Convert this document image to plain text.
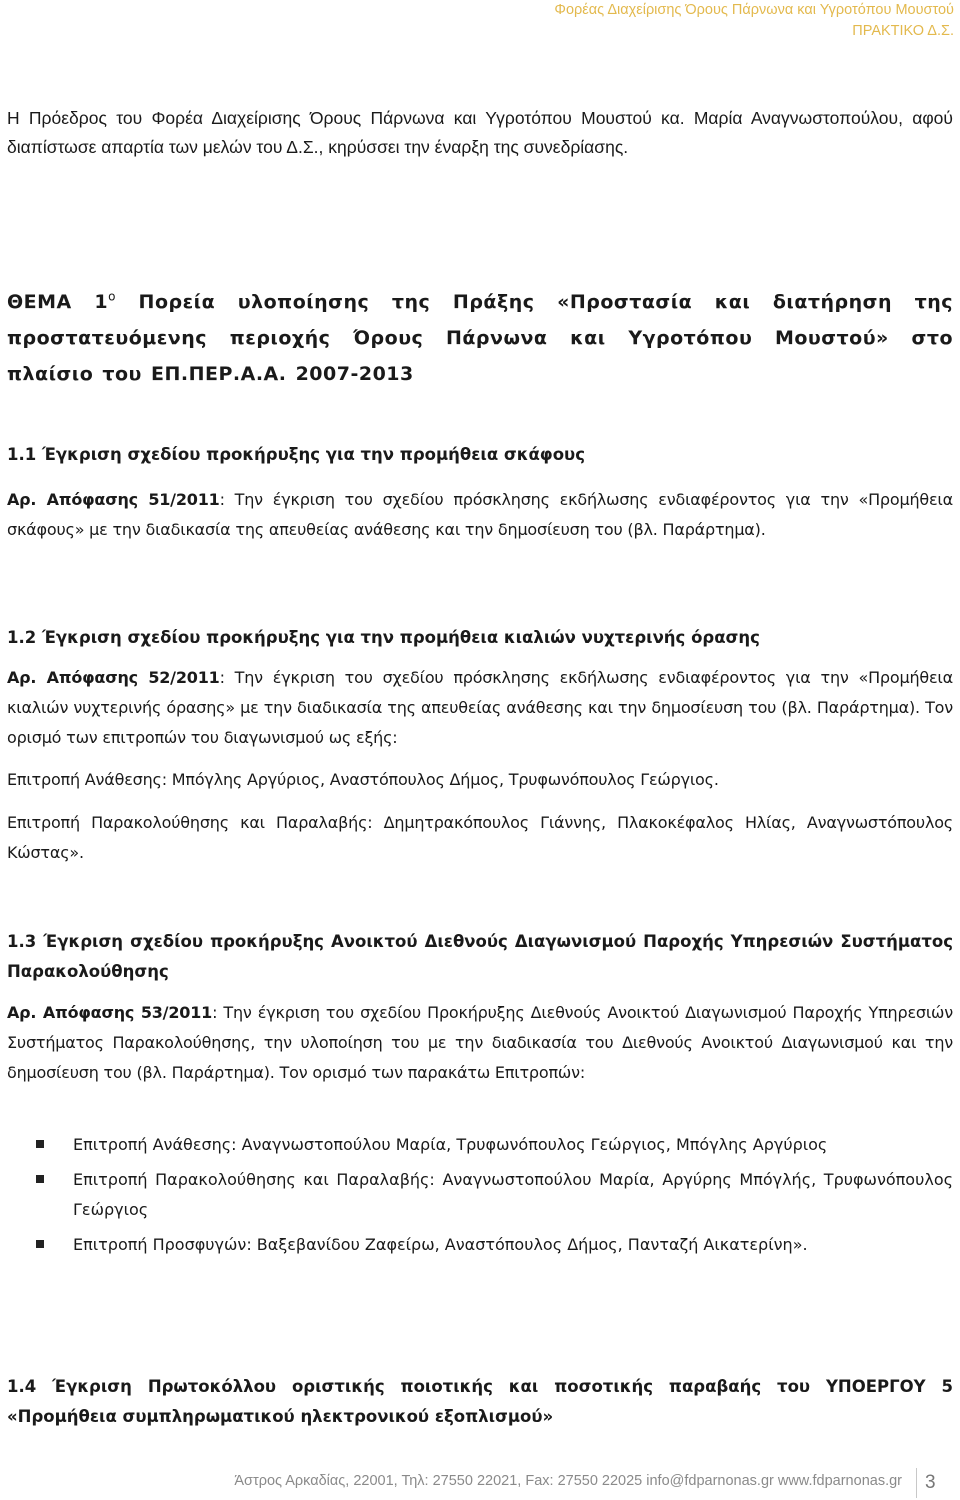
Φορέας Διαχείρισης Όρους Πάρνωνα και Υγροτόπου Μουστού
ΠΡΑΚΤΙΚΟ Δ.Σ.
Η Πρόεδρος του Φορέα Διαχείρισης Όρους Πάρνωνα και Υγροτόπου Μουστού κα. Μαρία Αναγνωστοπούλου, αφού διαπίστωσε απαρτία των μελών του Δ.Σ., κηρύσσει την έναρξη της συνεδρίασης.
ΘΕΜΑ $1^o$ Πορεία υλοποίησης της Πράξης «Προστασία και διατήρηση της προστατευόμενης περιοχής Όρους Πάρνωνα και Υγροτόπου Μουστού» στο πλαίσιο του ΕΠ.ΠΕΡ.Α.Α. 2007-2013
1.1 Έγκριση σχεδίου προκήρυξης για την προμήθεια σκάφους
Αρ. Απόφασης 51/2011: Την έγκριση του σχεδίου πρόσκλησης εκδήλωσης ενδιαφέροντος για την «Προμήθεια σκάφους» με την διαδικασία της απευθείας ανάθεσης και την δημοσίευση του (βλ. Παράρτημα).
1.2 Έγκριση σχεδίου προκήρυξης για την προμήθεια κιαλιών νυχτερινής όρασης
Αρ. Απόφασης 52/2011: Την έγκριση του σχεδίου πρόσκλησης εκδήλωσης ενδιαφέροντος για την «Προμήθεια κιαλιών νυχτερινής όρασης» με την διαδικασία της απευθείας ανάθεσης και την δημοσίευση του (βλ. Παράρτημα). Τον ορισμό των επιτροπών του διαγωνισμού ως εξής:
Επιτροπή Ανάθεσης: Μπόγλης Αργύριος, Αναστόπουλος Δήμος, Τρυφωνόπουλος Γεώργιος.
Επιτροπή Παρακολούθησης και Παραλαβής: Δημητρακόπουλος Γιάννης, Πλακοκέφαλος Ηλίας, Αναγνωστόπουλος Κώστας».
1.3 Έγκριση σχεδίου προκήρυξης Ανοικτού Διεθνούς Διαγωνισμού Παροχής Υπηρεσιών Συστήματος Παρακολούθησης
Αρ. Απόφασης 53/2011: Την έγκριση του σχεδίου Προκήρυξης Διεθνούς Ανοικτού Διαγωνισμού Παροχής Υπηρεσιών Συστήματος Παρακολούθησης, την υλοποίηση του με την διαδικασία του Διεθνούς Ανοικτού Διαγωνισμού και την δημοσίευση του (βλ. Παράρτημα). Τον ορισμό των παρακάτω Επιτροπών:
Επιτροπή Ανάθεσης: Αναγνωστοπούλου Μαρία, Τρυφωνόπουλος Γεώργιος, Μπόγλης Αργύριος
Επιτροπή Παρακολούθησης και Παραλαβής: Αναγνωστοπούλου Μαρία, Αργύρης Μπόγλής, Τρυφωνόπουλος Γεώργιος
Επιτροπή Προσφυγών: Βαξεβανίδου Ζαφείρω, Αναστόπουλος Δήμος, Πανταζή Αικατερίνη».
1.4 Έγκριση Πρωτοκόλλου οριστικής ποιοτικής και ποσοτικής παραβαής του ΥΠΟΕΡΓΟΥ 5 «Προμήθεια συμπληρωματικού ηλεκτρονικού εξοπλισμού»
Άστρος Αρκαδίας, 22001, Τηλ: 27550 22021, Fax: 27550 22025 info@fdparnonas.gr www.fdparnonas.gr 3
